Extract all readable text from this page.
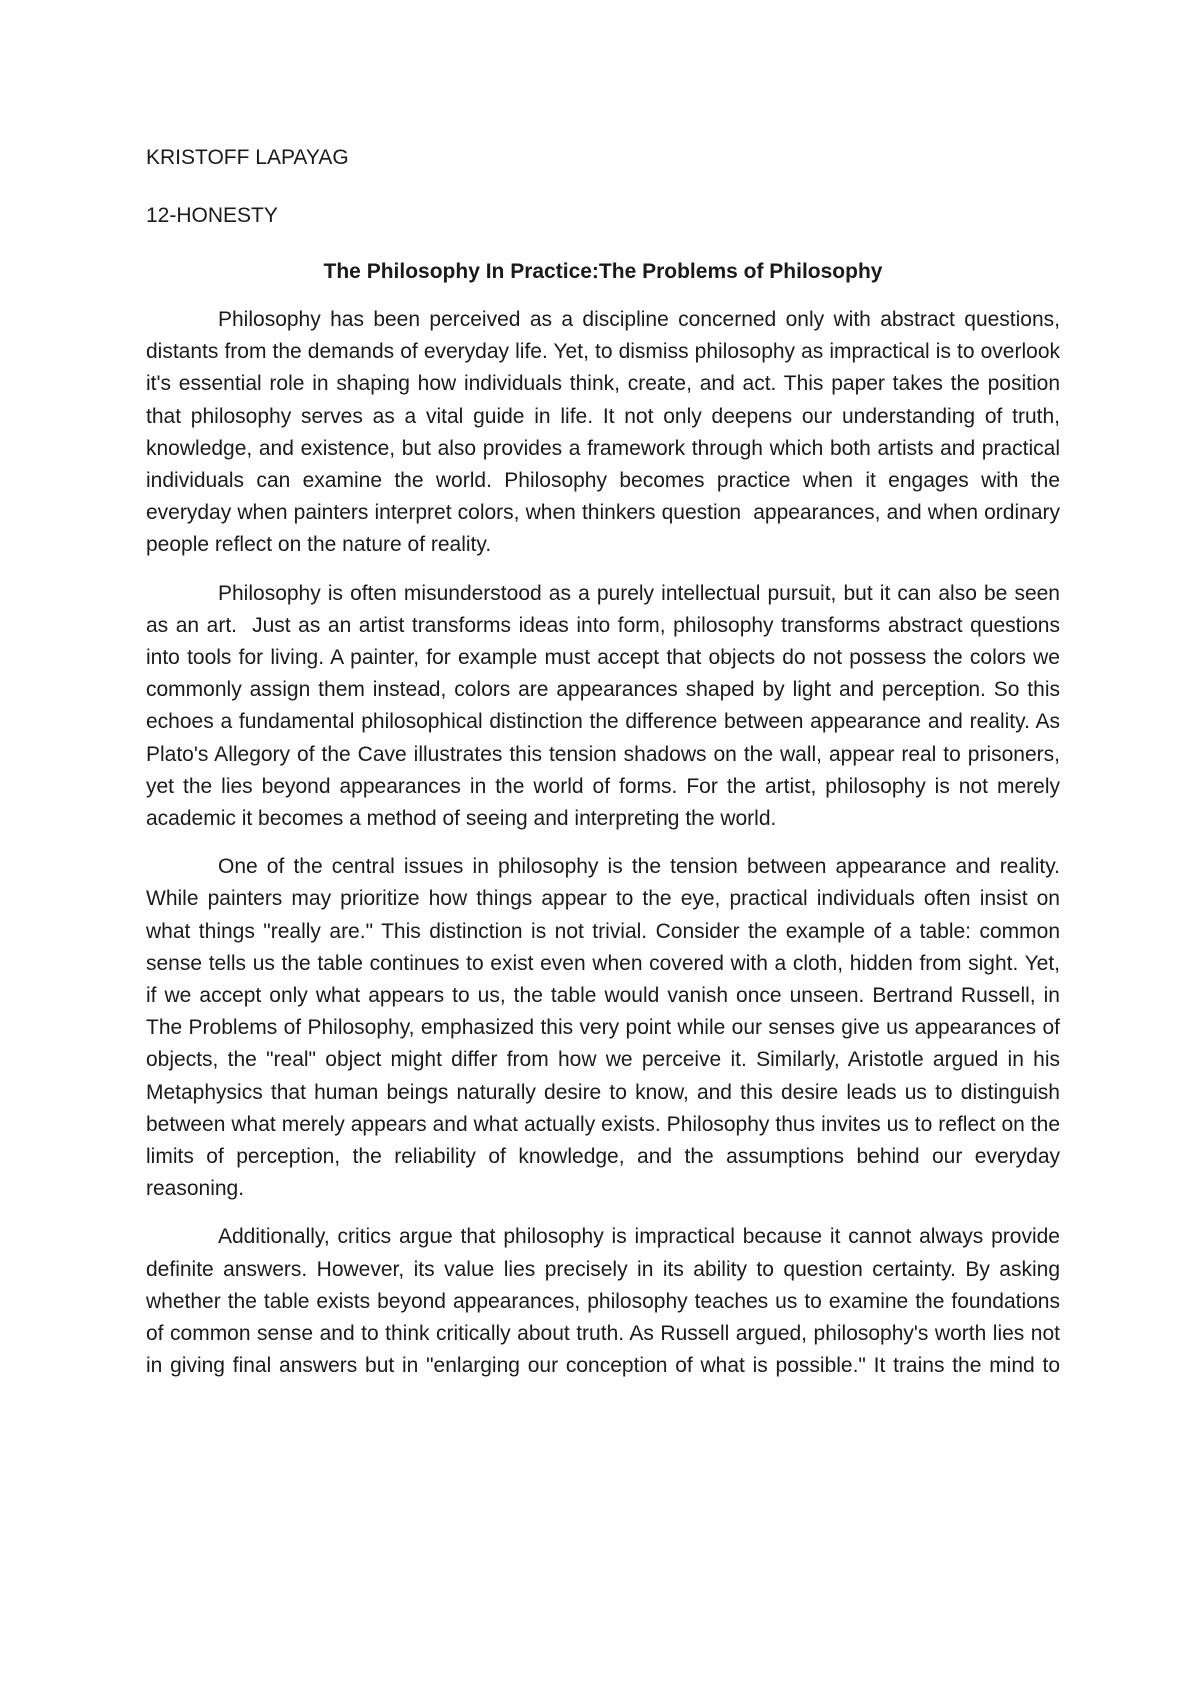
KRISTOFF LAPAYAG

12-HONESTY

The Philosophy In Practice:The Problems of Philosophy

Philosophy has been perceived as a discipline concerned only with abstract questions, distants from the demands of everyday life. Yet, to dismiss philosophy as impractical is to overlook it's essential role in shaping how individuals think, create, and act. This paper takes the position that philosophy serves as a vital guide in life. It not only deepens our understanding of truth, knowledge, and existence, but also provides a framework through which both artists and practical individuals can examine the world. Philosophy becomes practice when it engages with the everyday when painters interpret colors, when thinkers question  appearances, and when ordinary people reflect on the nature of reality.

Philosophy is often misunderstood as a purely intellectual pursuit, but it can also be seen as an art.  Just as an artist transforms ideas into form, philosophy transforms abstract questions into tools for living. A painter, for example must accept that objects do not possess the colors we commonly assign them instead, colors are appearances shaped by light and perception. So this echoes a fundamental philosophical distinction the difference between appearance and reality. As Plato's Allegory of the Cave illustrates this tension shadows on the wall, appear real to prisoners, yet the lies beyond appearances in the world of forms. For the artist, philosophy is not merely academic it becomes a method of seeing and interpreting the world.

One of the central issues in philosophy is the tension between appearance and reality. While painters may prioritize how things appear to the eye, practical individuals often insist on what things "really are." This distinction is not trivial. Consider the example of a table: common sense tells us the table continues to exist even when covered with a cloth, hidden from sight. Yet, if we accept only what appears to us, the table would vanish once unseen. Bertrand Russell, in The Problems of Philosophy, emphasized this very point while our senses give us appearances of objects, the "real" object might differ from how we perceive it. Similarly, Aristotle argued in his Metaphysics that human beings naturally desire to know, and this desire leads us to distinguish between what merely appears and what actually exists. Philosophy thus invites us to reflect on the limits of perception, the reliability of knowledge, and the assumptions behind our everyday reasoning.

Additionally, critics argue that philosophy is impractical because it cannot always provide definite answers. However, its value lies precisely in its ability to question certainty. By asking whether the table exists beyond appearances, philosophy teaches us to examine the foundations of common sense and to think critically about truth. As Russell argued, philosophy's worth lies not in giving final answers but in "enlarging our conception of what is possible." It trains the mind to
